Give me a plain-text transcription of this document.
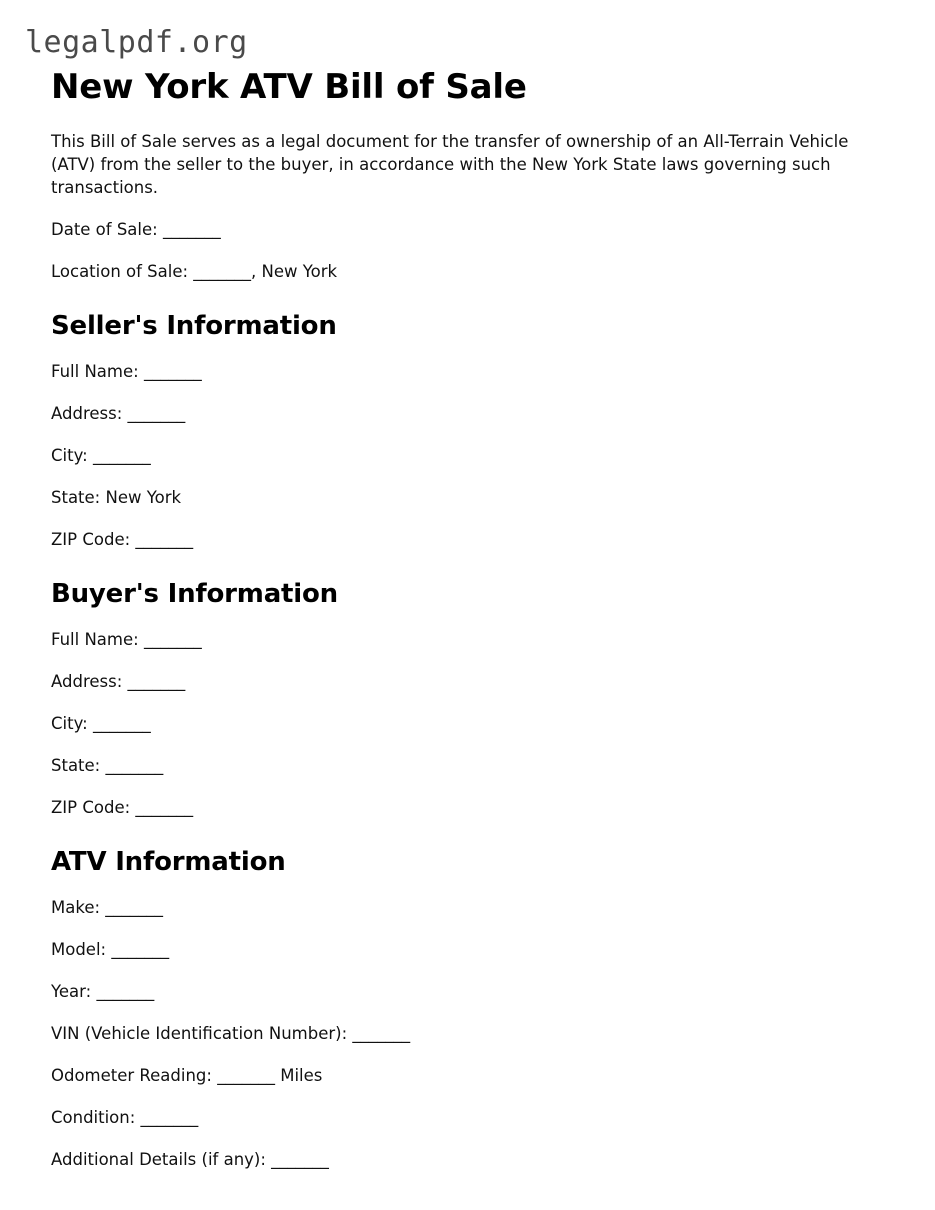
legalpdf.org
New York ATV Bill of Sale

This Bill of Sale serves as a legal document for the transfer of ownership of an All-Terrain Vehicle (ATV) from the seller to the buyer, in accordance with the New York State laws governing such transactions.

Date of Sale: _______
Location of Sale: _______, New York
Seller's Information
Full Name: _______
Address: _______
City: _______
State: New York
ZIP Code: _______
Buyer's Information
Full Name: _______
Address: _______
City: _______
State: _______
ZIP Code: _______
ATV Information
Make: _______
Model: _______
Year: _______
VIN (Vehicle Identification Number): _______
Odometer Reading: _______ Miles
Condition: _______
Additional Details (if any): _______
